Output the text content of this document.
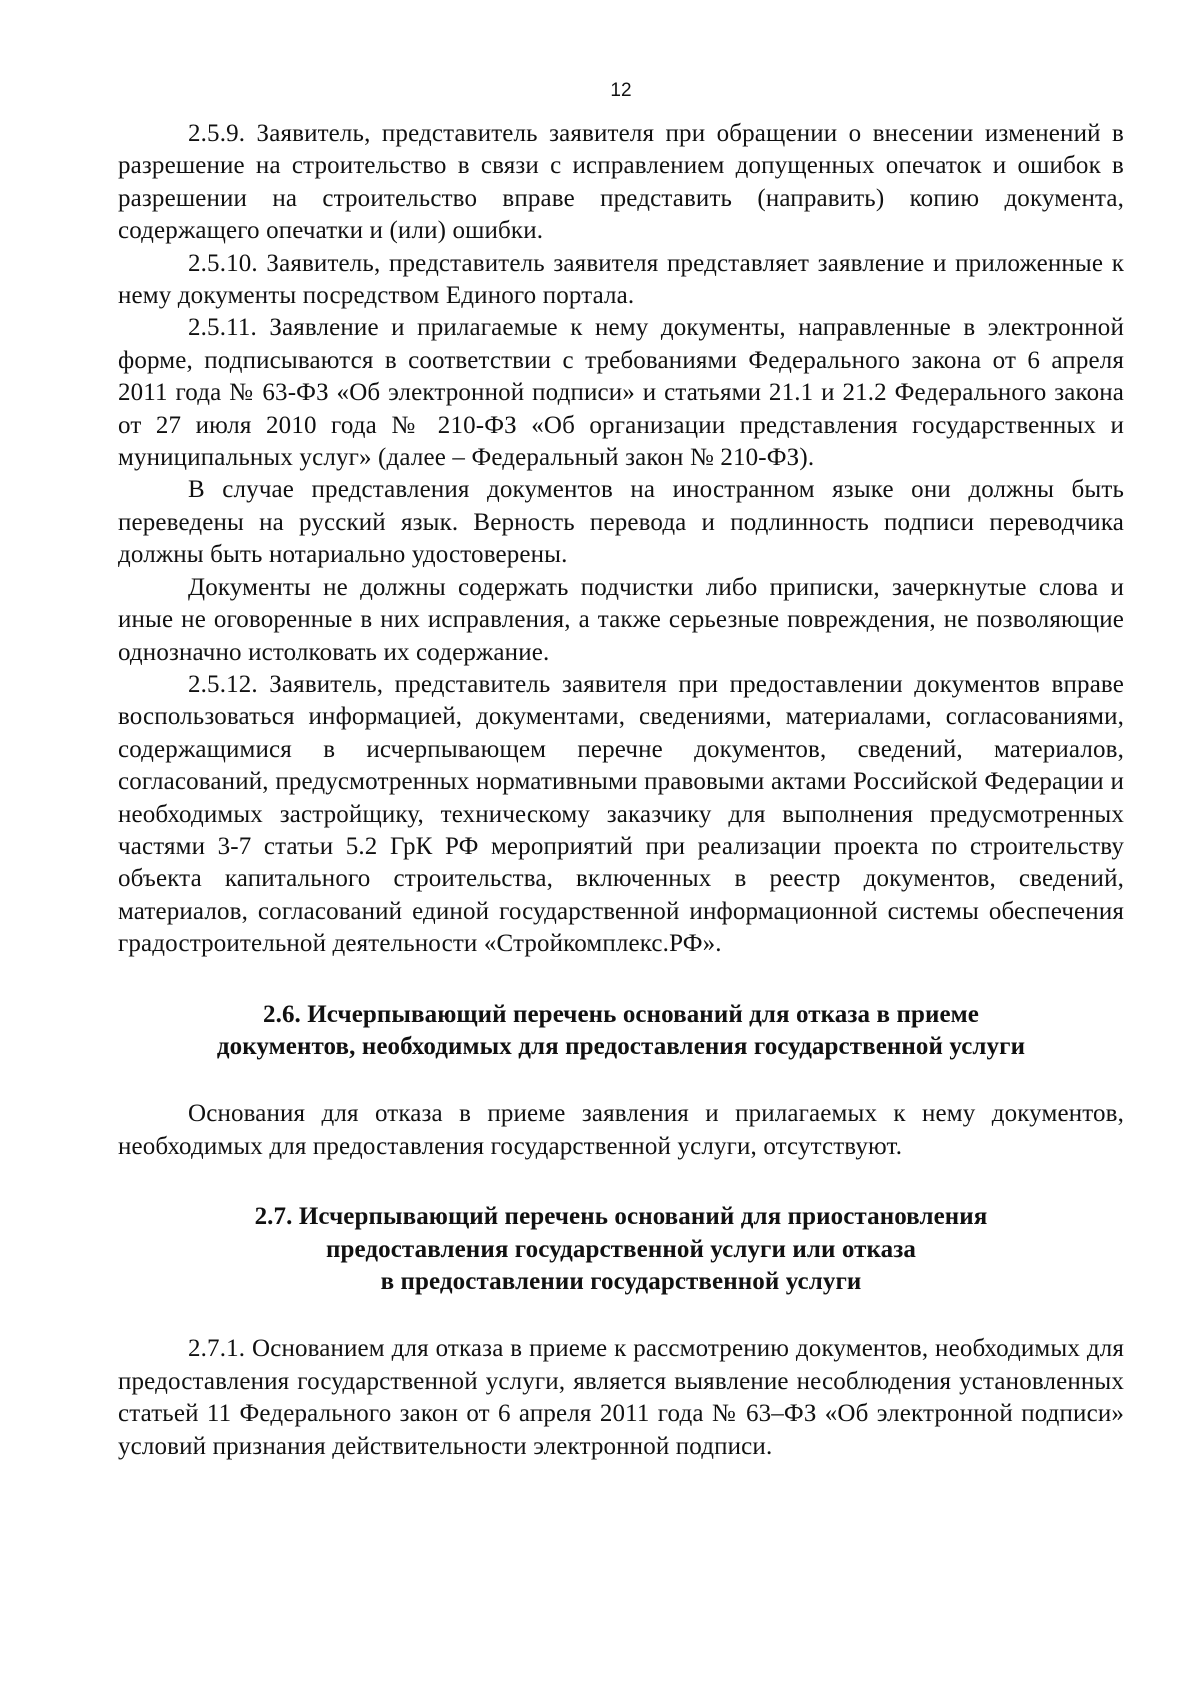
12

2.5.9. Заявитель, представитель заявителя при обращении о внесении изменений в разрешение на строительство в связи с исправлением допущенных опечаток и ошибок в разрешении на строительство вправе представить (направить) копию документа, содержащего опечатки и (или) ошибки.

2.5.10. Заявитель, представитель заявителя представляет заявление и приложенные к нему документы посредством Единого портала.

2.5.11. Заявление и прилагаемые к нему документы, направленные в электронной форме, подписываются в соответствии с требованиями Федерального закона от 6 апреля 2011 года № 63-ФЗ «Об электронной подписи» и статьями 21.1 и 21.2 Федерального закона от 27 июля 2010 года № 210-ФЗ «Об организации представления государственных и муниципальных услуг» (далее – Федеральный закон № 210-ФЗ).

В случае представления документов на иностранном языке они должны быть переведены на русский язык. Верность перевода и подлинность подписи переводчика должны быть нотариально удостоверены.

Документы не должны содержать подчистки либо приписки, зачеркнутые слова и иные не оговоренные в них исправления, а также серьезные повреждения, не позволяющие однозначно истолковать их содержание.

2.5.12. Заявитель, представитель заявителя при предоставлении документов вправе воспользоваться информацией, документами, сведениями, материалами, согласованиями, содержащимися в исчерпывающем перечне документов, сведений, материалов, согласований, предусмотренных нормативными правовыми актами Российской Федерации и необходимых застройщику, техническому заказчику для выполнения предусмотренных частями 3-7 статьи 5.2 ГрК РФ мероприятий при реализации проекта по строительству объекта капитального строительства, включенных в реестр документов, сведений, материалов, согласований единой государственной информационной системы обеспечения градостроительной деятельности «Стройкомплекс.РФ».

2.6. Исчерпывающий перечень оснований для отказа в приеме
документов, необходимых для предоставления государственной услуги

Основания для отказа в приеме заявления и прилагаемых к нему документов, необходимых для предоставления государственной услуги, отсутствуют.

2.7. Исчерпывающий перечень оснований для приостановления
предоставления государственной услуги или отказа
в предоставлении государственной услуги

2.7.1. Основанием для отказа в приеме к рассмотрению документов, необходимых для предоставления государственной услуги, является выявление несоблюдения установленных статьей 11 Федерального закон от 6 апреля 2011 года № 63–ФЗ «Об электронной подписи» условий признания действительности электронной подписи.
